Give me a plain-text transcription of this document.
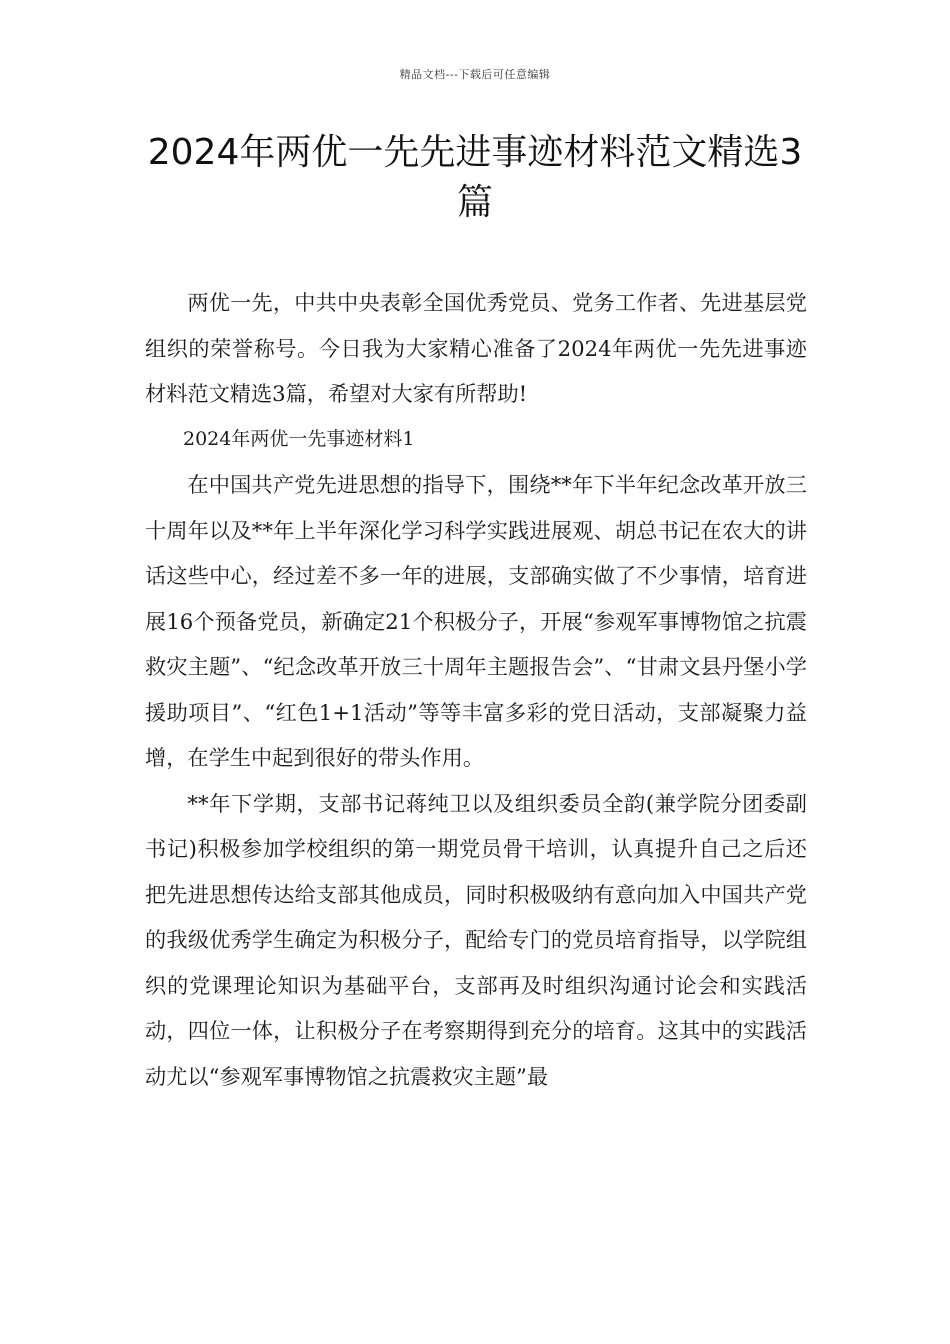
精品文档---下载后可任意编辑
2024年两优一先先进事迹材料范文精选3篇

两优一先，中共中央表彰全国优秀党员、党务工作者、先进基层党组织的荣誉称号。今日我为大家精心准备了2024年两优一先先进事迹材料范文精选3篇，希望对大家有所帮助!

2024年两优一先事迹材料1

在中国共产党先进思想的指导下，围绕**年下半年纪念改革开放三十周年以及**年上半年深化学习科学实践进展观、胡总书记在农大的讲话这些中心，经过差不多一年的进展，支部确实做了不少事情，培育进展16个预备党员，新确定21个积极分子，开展“参观军事博物馆之抗震救灾主题”、“纪念改革开放三十周年主题报告会”、“甘肃文县丹堡小学援助项目”、“红色1+1活动”等等丰富多彩的党日活动，支部凝聚力益增，在学生中起到很好的带头作用。

**年下学期，支部书记蒋纯卫以及组织委员全韵(兼学院分团委副书记)积极参加学校组织的第一期党员骨干培训，认真提升自己之后还把先进思想传达给支部其他成员，同时积极吸纳有意向加入中国共产党的我级优秀学生确定为积极分子，配给专门的党员培育指导，以学院组织的党课理论知识为基础平台，支部再及时组织沟通讨论会和实践活动，四位一体，让积极分子在考察期得到充分的培育。这其中的实践活动尤以“参观军事博物馆之抗震救灾主题”最
